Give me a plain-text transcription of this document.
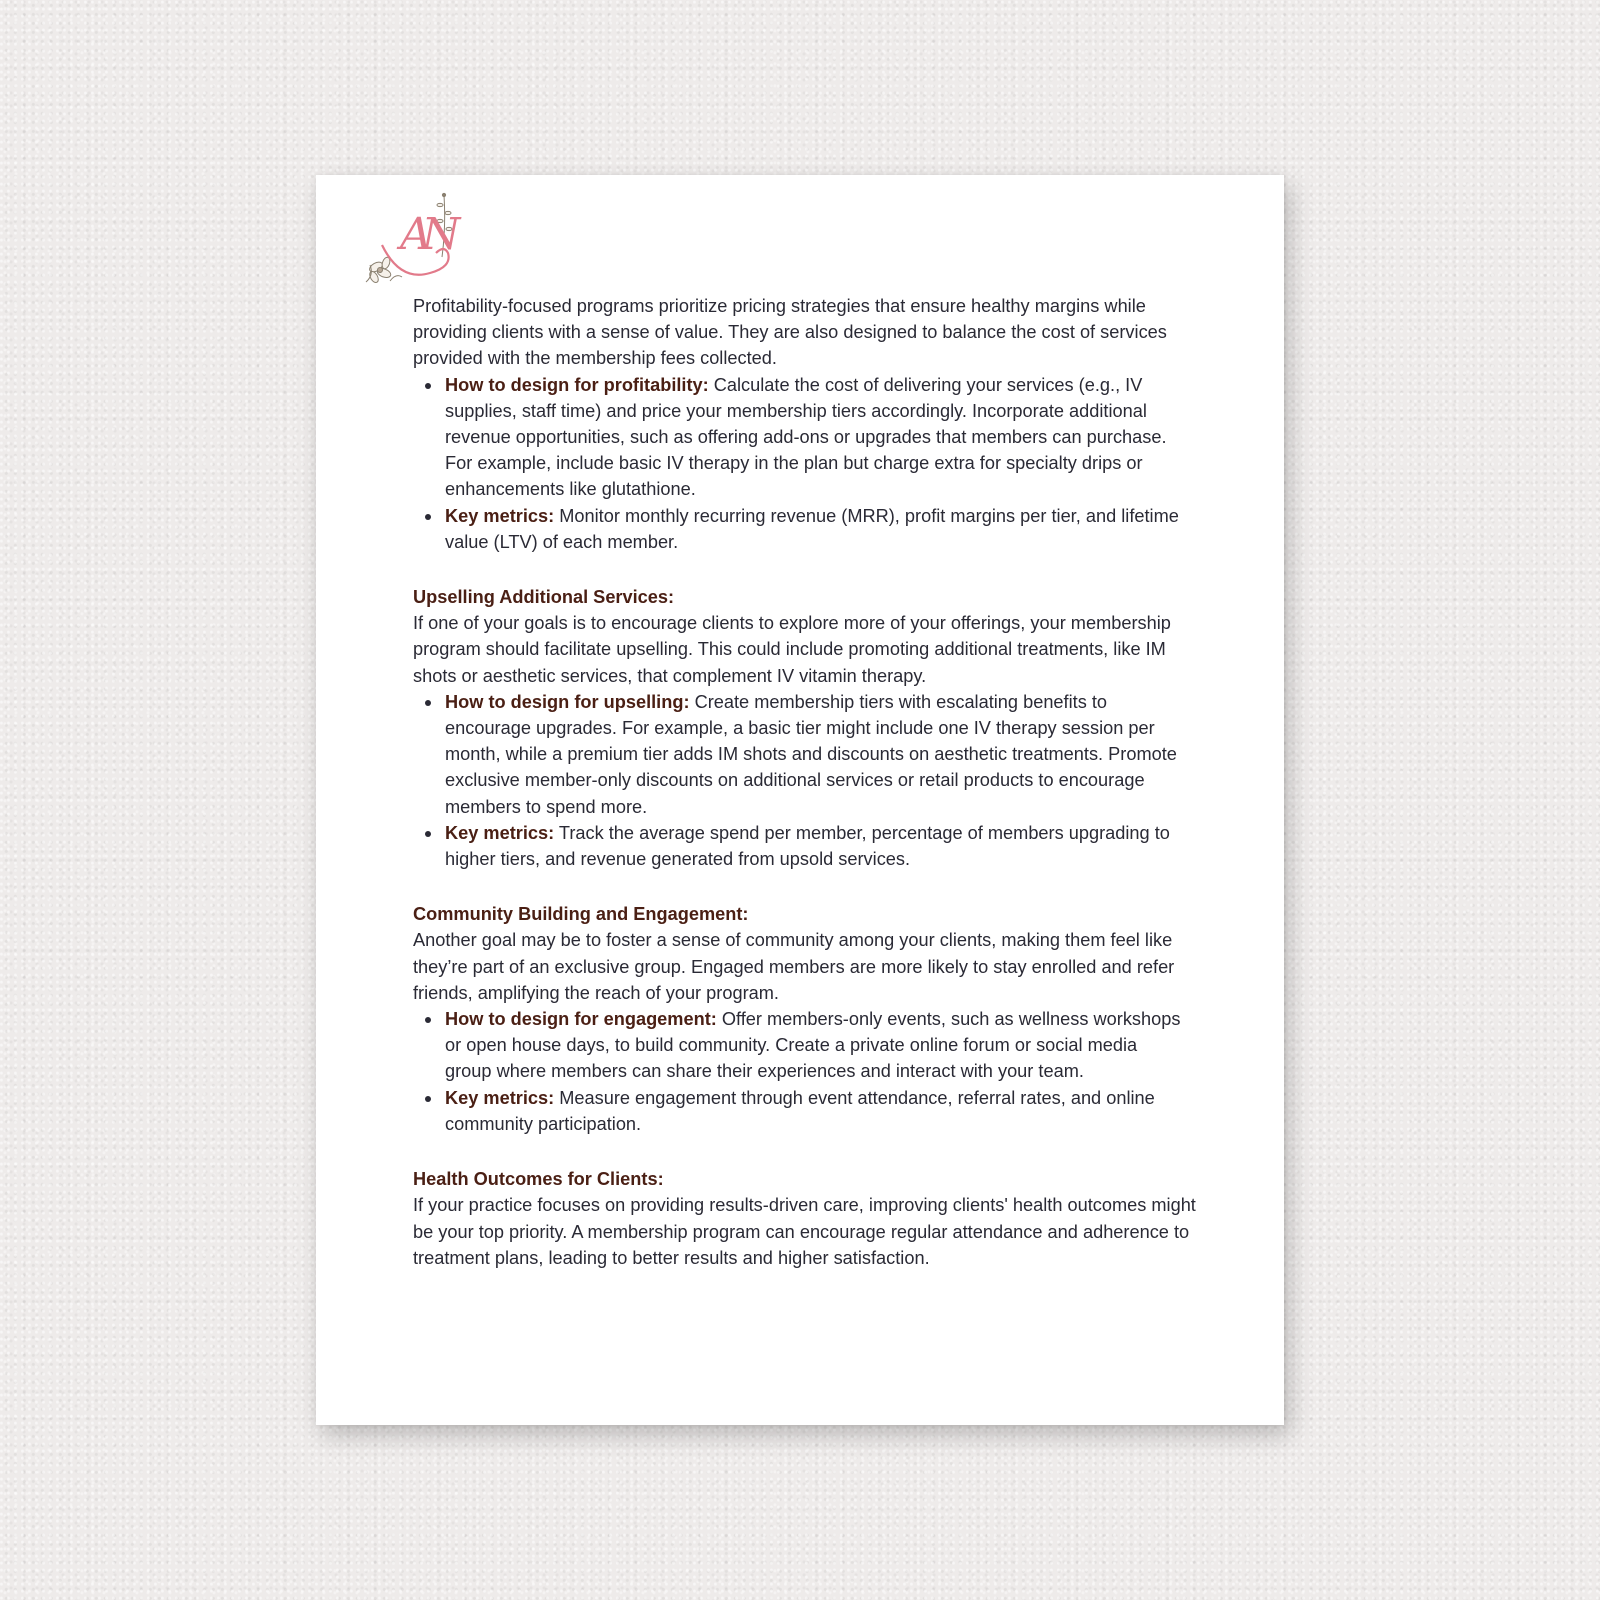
AN

Profitability-focused programs prioritize pricing strategies that ensure healthy margins while providing clients with a sense of value. They are also designed to balance the cost of services provided with the membership fees collected.

How to design for profitability: Calculate the cost of delivering your services (e.g., IV supplies, staff time) and price your membership tiers accordingly. Incorporate additional revenue opportunities, such as offering add-ons or upgrades that members can purchase. For example, include basic IV therapy in the plan but charge extra for specialty drips or enhancements like glutathione.
Key metrics: Monitor monthly recurring revenue (MRR), profit margins per tier, and lifetime value (LTV) of each member.

Upselling Additional Services:

If one of your goals is to encourage clients to explore more of your offerings, your membership program should facilitate upselling. This could include promoting additional treatments, like IM shots or aesthetic services, that complement IV vitamin therapy.

How to design for upselling: Create membership tiers with escalating benefits to encourage upgrades. For example, a basic tier might include one IV therapy session per month, while a premium tier adds IM shots and discounts on aesthetic treatments. Promote exclusive member-only discounts on additional services or retail products to encourage members to spend more.
Key metrics: Track the average spend per member, percentage of members upgrading to higher tiers, and revenue generated from upsold services.

Community Building and Engagement:

Another goal may be to foster a sense of community among your clients, making them feel like they’re part of an exclusive group. Engaged members are more likely to stay enrolled and refer friends, amplifying the reach of your program.

How to design for engagement: Offer members-only events, such as wellness workshops or open house days, to build community. Create a private online forum or social media group where members can share their experiences and interact with your team.
Key metrics: Measure engagement through event attendance, referral rates, and online community participation.

Health Outcomes for Clients:

If your practice focuses on providing results-driven care, improving clients' health outcomes might be your top priority. A membership program can encourage regular attendance and adherence to treatment plans, leading to better results and higher satisfaction.
